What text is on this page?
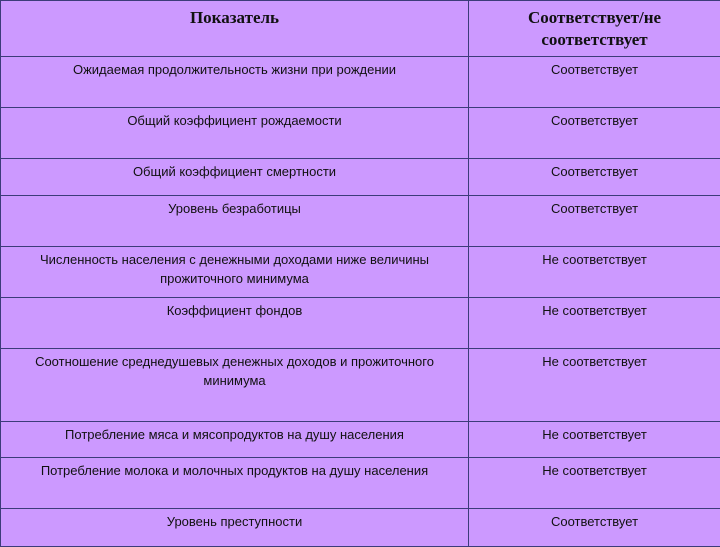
Показатель	Соответствует/не соответствует
Ожидаемая продолжительность жизни при рождении	Соответствует
Общий коэффициент рождаемости	Соответствует
Общий коэффициент смертности	Соответствует
Уровень безработицы	Соответствует
Численность населения с денежными доходами ниже величины прожиточного минимума	Не соответствует
Коэффициент фондов	Не соответствует
Соотношение среднедушевых денежных доходов и прожиточного минимума	Не соответствует
Потребление мяса и мясопродуктов на душу населения	Не соответствует
Потребление молока и молочных продуктов на душу населения	Не соответствует
Уровень преступности	Соответствует
